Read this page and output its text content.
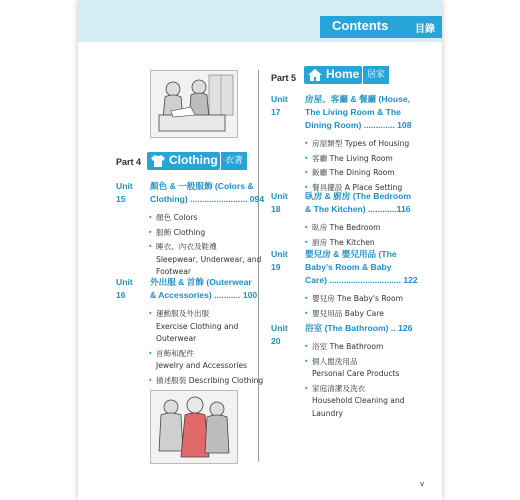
Contents	目錄
Part 4 Clothing 衣著
Part 5 Home 居家
v
Unit 15
顏色 & 一般服飾 (Colors &
Clothing) ........................ 094
• 顏色 Colors
• 服飾 Clothing
• 睡衣、內衣及鞋襪
Sleepwear, Underwear, and
Footwear
Unit 16
外出服 & 首飾 (Outerwear
& Accessories) ........... 100
• 運動服及外出服
Exercise Clothing and
Outerwear
• 首飾和配件
Jewelry and Accessories
• 描述服裝 Describing Clothing
Unit 17
房屋、客廳 & 餐廳 (House,
The Living Room & The
Dining Room) ............. 108
• 房屋類型 Types of Housing
• 客廳 The Living Room
• 飯廳 The Dining Room
• 餐具擺設 A Place Setting
Unit 18
臥房 & 廚房 (The Bedroom
& The Kitchen) ............116
• 臥房 The Bedroom
• 廚房 The Kitchen
Unit 19
嬰兒房 & 嬰兒用品 (The
Baby's Room & Baby
Care) .............................. 122
• 嬰兒房 The Baby's Room
• 嬰兒用品 Baby Care
Unit 20
浴室 (The Bathroom) .. 126
• 浴室 The Bathroom
• 個人盥洗用品
Personal Care Products
• 家庭清潔及洗衣
Household Cleaning and
Laundry
